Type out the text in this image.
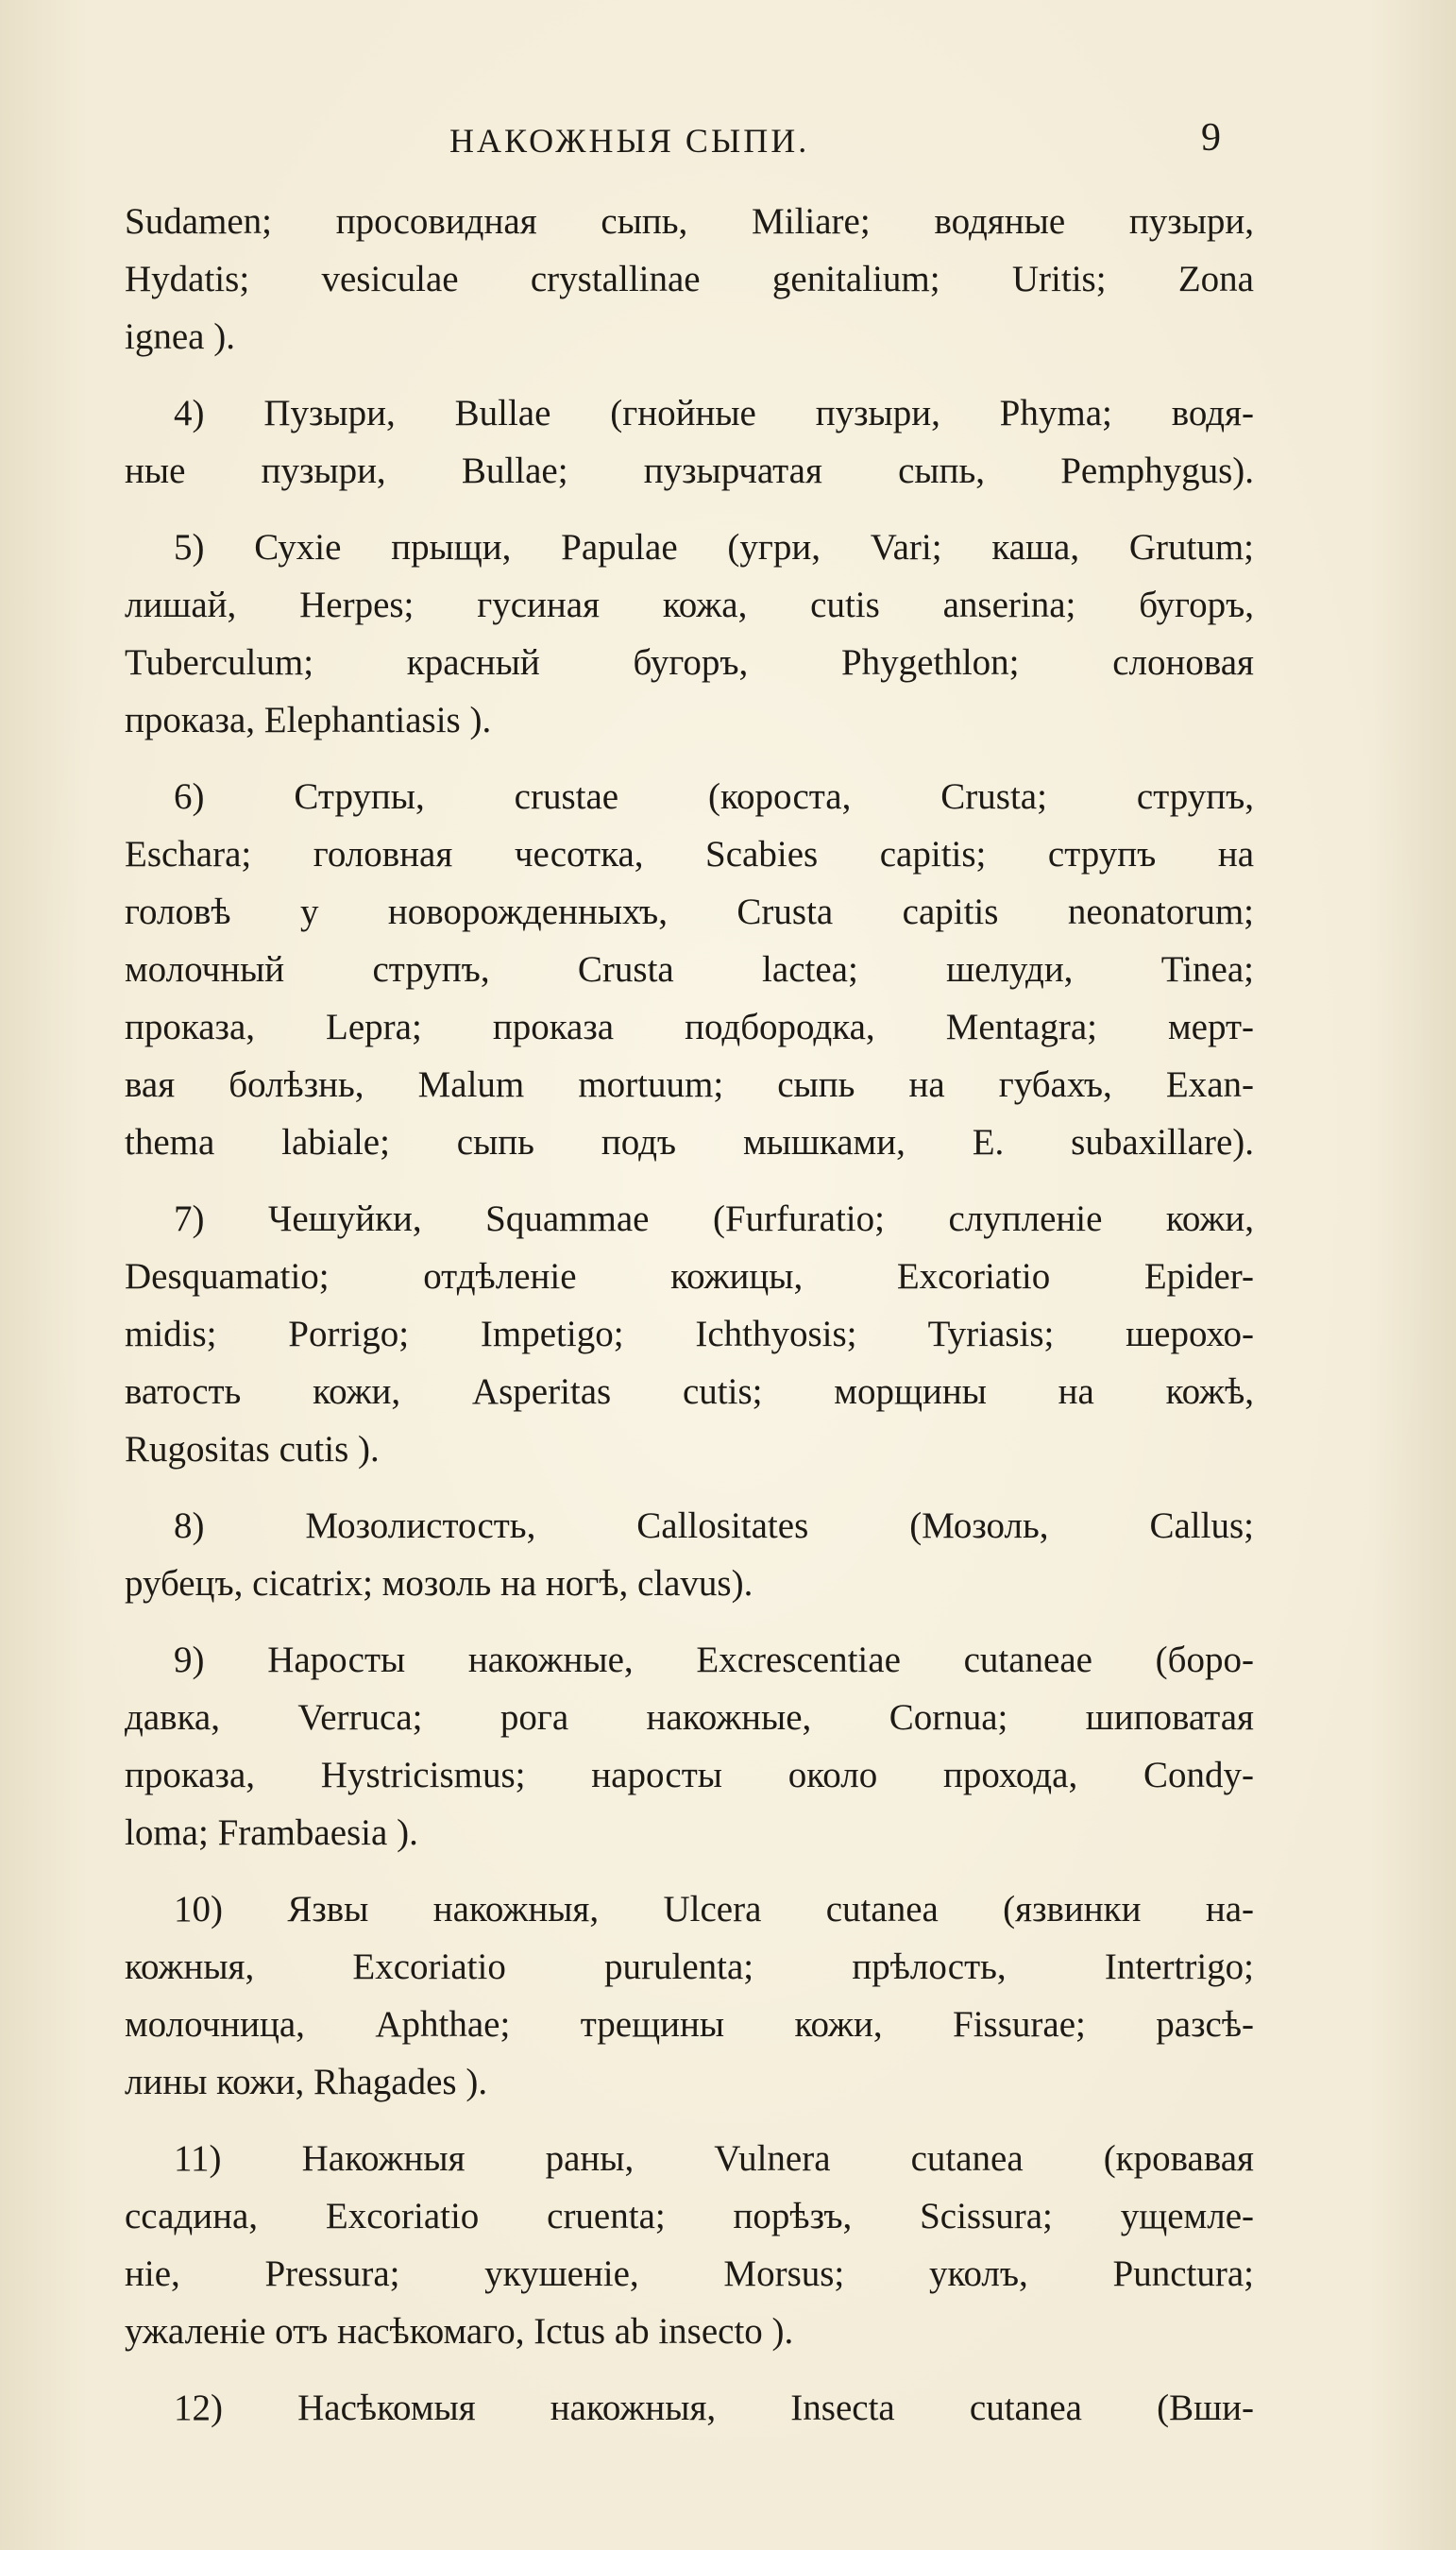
НАКОЖНЫЯ СЫПИ.	9
Sudamen; просовидная сыпь, Miliare; водяные пузыри,
Hydatis; vesiculae crystallinae genitalium; Uritis; Zona
ignea ).
4) Пузыри, Bullae (гнойные пузыри, Phyma; водя-
ные пузыри, Bullae; пузырчатая сыпь, Pemphygus).
5) Сухіе прыщи, Papulae (угри, Vari; каша, Grutum;
лишай, Herpes; гусиная кожа, cutis anserina; бугоръ,
Tuberculum; красный бугоръ, Phygethlon; слоновая
проказа, Elephantiasis ).
6) Струпы, crustae (короста, Crusta; струпъ,
Eschara; головная чесотка, Scabies capitis; струпъ на
головѣ у новорожденныхъ, Crusta capitis neonatorum;
молочный струпъ, Crusta lactea; шелуди, Tinea;
проказа, Lepra; проказа подбородка, Mentagra; мерт-
вая болѣзнь, Malum mortuum; сыпь на губахъ, Exan-
thema labiale; сыпь подъ мышками, E. subaxillare).
7) Чешуйки, Squammae (Furfuratio; слупленіе кожи,
Desquamatio; отдѣленіе кожицы, Excoriatio Epider-
midis; Porrigo; Impetigo; Ichthyosis; Tyriasis; шерохо-
ватость кожи, Asperitas cutis; морщины на кожѣ,
Rugositas cutis ).
8) Мозолистость, Callositates (Мозоль, Callus;
рубецъ, cicatrix; мозоль на ногѣ, clavus).
9) Наросты накожные, Excrescentiae cutaneae (боро-
давка, Verruca; рога накожные, Cornua; шиповатая
проказа, Hystricismus; наросты около прохода, Condy-
loma; Frambaesia ).
10) Язвы накожныя, Ulcera cutanea (язвинки на-
кожныя, Excoriatio purulenta; прѣлость, Intertrigo;
молочница, Aphthae; трещины кожи, Fissurae; разсѣ-
лины кожи, Rhagades ).
11) Накожныя раны, Vulnera cutanea (кровавая
ссадина, Excoriatio cruenta; порѣзъ, Scissura; ущемле-
ніе, Pressura; укушеніе, Morsus; уколъ, Punctura;
ужаленіе отъ насѣкомаго, Ictus ab insecto ).
12) Насѣкомыя накожныя, Insecta cutanea (Вши-
